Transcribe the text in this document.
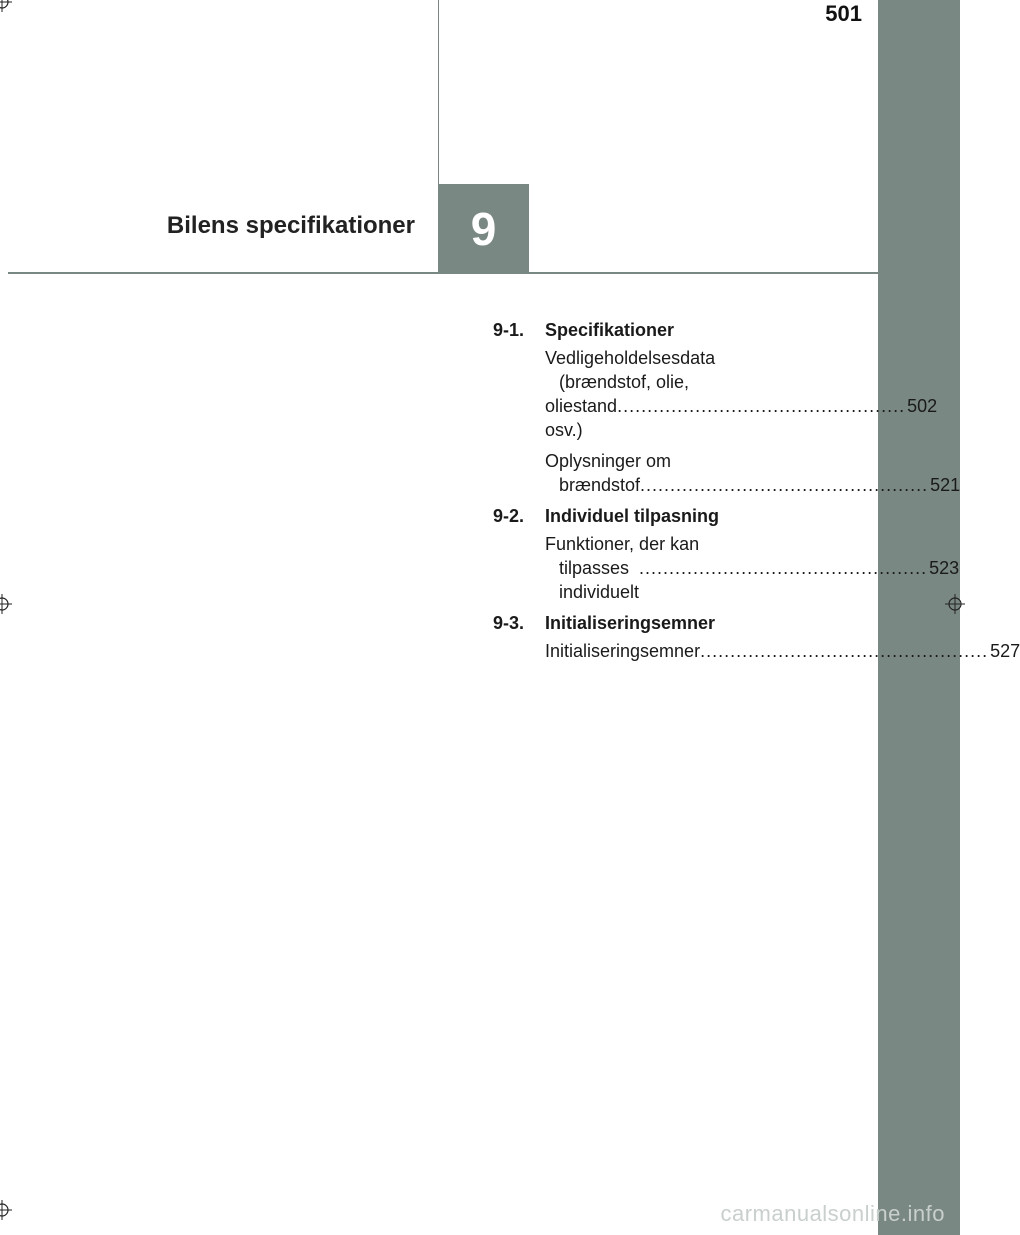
501
9
Bilens specifikationer
9-1.	Specifikationer
Vedligeholdelsesdata
(brændstof, olie,
oliestand osv.)
................................................ 502
Oplysninger om
brændstof ................................................ 521
9-2.	Individuel tilpasning
Funktioner, der kan
tilpasses individuelt
................................................ 523
9-3.	Initialiseringsemner
Initialiseringsemner ................................................ 527
carmanualsonline.info
